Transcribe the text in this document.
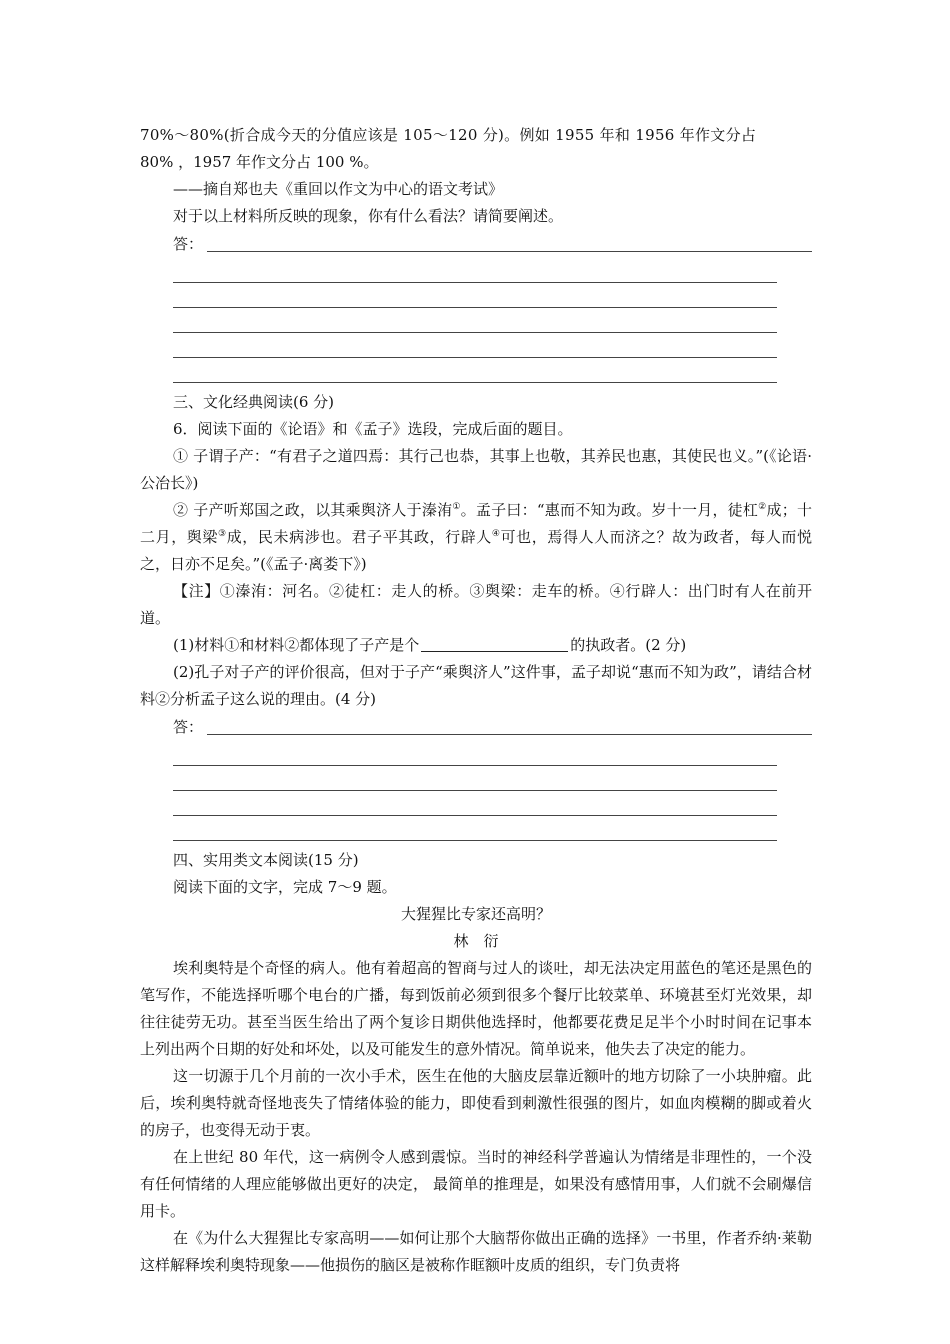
70%～80%(折合成今天的分值应该是 105～120 分)。例如 1955 年和 1956 年作文分占

80% ，1957 年作文分占 100 %。

——摘自郑也夫《重回以作文为中心的语文考试》

对于以上材料所反映的现象，你有什么看法？请简要阐述。

答：

三、文化经典阅读(6 分)

6．阅读下面的《论语》和《孟子》选段，完成后面的题目。

① 子谓子产：“有君子之道四焉：其行己也恭，其事上也敬，其养民也惠，其使民也义。”(《论语·公冶长》)

② 子产听郑国之政，以其乘舆济人于溱洧①。孟子曰：“惠而不知为政。岁十一月，徒杠②成；十二月，舆梁③成，民未病涉也。君子平其政，行辟人④可也，焉得人人而济之？故为政者，每人而悦之，日亦不足矣。”(《孟子·离娄下》)

【注】①溱洧：河名。②徒杠：走人的桥。③舆梁：走车的桥。④行辟人：出门时有人在前开道。

(1)材料①和材料②都体现了子产是个	的执政者。(2 分)

(2)孔子对子产的评价很高，但对于子产“乘舆济人”这件事，孟子却说“惠而不知为政”，请结合材料②分析孟子这么说的理由。(4 分)

答：

四、实用类文本阅读(15 分)

阅读下面的文字，完成 7～9 题。

大猩猩比专家还高明？

林　衍

埃利奥特是个奇怪的病人。他有着超高的智商与过人的谈吐，却无法决定用蓝色的笔还是黑色的笔写作，不能选择听哪个电台的广播，每到饭前必须到很多个餐厅比较菜单、环境甚至灯光效果，却往往徒劳无功。甚至当医生给出了两个复诊日期供他选择时，他都要花费足足半个小时时间在记事本上列出两个日期的好处和坏处，以及可能发生的意外情况。简单说来，他失去了决定的能力。

这一切源于几个月前的一次小手术，医生在他的大脑皮层靠近额叶的地方切除了一小块肿瘤。此后，埃利奥特就奇怪地丧失了情绪体验的能力，即使看到刺激性很强的图片，如血肉模糊的脚或着火的房子，也变得无动于衷。

在上世纪 80 年代，这一病例令人感到震惊。当时的神经科学普遍认为情绪是非理性的，一个没有任何情绪的人理应能够做出更好的决定， 最简单的推理是，如果没有感情用事，人们就不会刷爆信用卡。

在《为什么大猩猩比专家高明——如何让那个大脑帮你做出正确的选择》一书里，作者乔纳·莱勒这样解释埃利奥特现象——他损伤的脑区是被称作眶额叶皮质的组织，专门负责将
